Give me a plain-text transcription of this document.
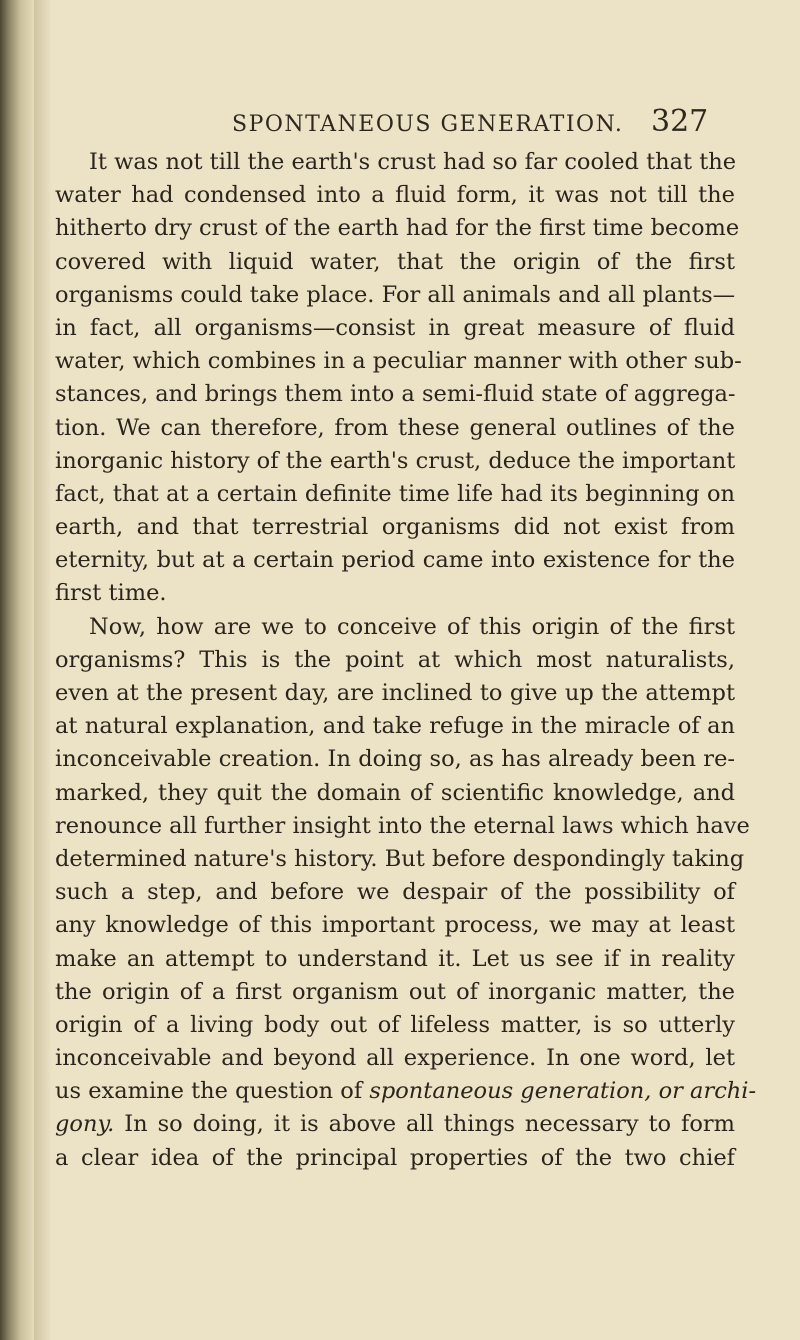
SPONTANEOUS GENERATION. 327
It was not till the earth's crust had so far cooled that the
water had condensed into a fluid form, it was not till the
hitherto dry crust of the earth had for the first time become
covered with liquid water, that the origin of the first
organisms could take place. For all animals and all plants—
in fact, all organisms—consist in great measure of fluid
water, which combines in a peculiar manner with other sub-
stances, and brings them into a semi-fluid state of aggrega-
tion. We can therefore, from these general outlines of the
inorganic history of the earth's crust, deduce the important
fact, that at a certain definite time life had its beginning on
earth, and that terrestrial organisms did not exist from
eternity, but at a certain period came into existence for the
first time.
Now, how are we to conceive of this origin of the first
organisms? This is the point at which most naturalists,
even at the present day, are inclined to give up the attempt
at natural explanation, and take refuge in the miracle of an
inconceivable creation. In doing so, as has already been re-
marked, they quit the domain of scientific knowledge, and
renounce all further insight into the eternal laws which have
determined nature's history. But before despondingly taking
such a step, and before we despair of the possibility of
any knowledge of this important process, we may at least
make an attempt to understand it. Let us see if in reality
the origin of a first organism out of inorganic matter, the
origin of a living body out of lifeless matter, is so utterly
inconceivable and beyond all experience. In one word, let
us examine the question of spontaneous generation, or archi-
gony. In so doing, it is above all things necessary to form
a clear idea of the principal properties of the two chief
